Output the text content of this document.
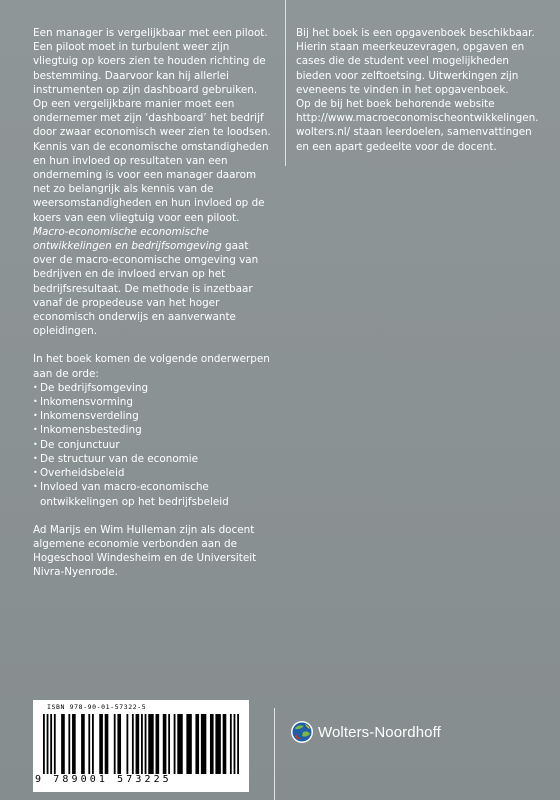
Een manager is vergelijkbaar met een piloot. Een piloot moet in turbulent weer zijn vliegtuig op koers zien te houden richting de bestemming. Daarvoor kan hij allerlei instrumenten op zijn dashboard gebruiken. Op een vergelijkbare manier moet een ondernemer met zijn ‘dashboard’ het bedrijf door zwaar economisch weer zien te loodsen. Kennis van de economische omstandigheden en hun invloed op resultaten van een onderneming is voor een manager daarom net zo belangrijk als kennis van de weersomstandigheden en hun invloed op de koers van een vliegtuig voor een piloot.

Macro-economische economische ontwikkelingen en bedrijfsomgeving gaat over de macro-economische omgeving van bedrijven en de invloed ervan op het bedrijfsresultaat. De methode is inzetbaar vanaf de propedeuse van het hoger economisch onderwijs en aanverwante opleidingen.

In het boek komen de volgende onderwerpen aan de orde:

• De bedrijfsomgeving
• Inkomensvorming
• Inkomensverdeling
• Inkomensbesteding
• De conjunctuur
• De structuur van de economie
• Overheidsbeleid
• Invloed van macro-economische ontwikkelingen op het bedrijfsbeleid

Ad Marijs en Wim Hulleman zijn als docent algemene economie verbonden aan de Hogeschool Windesheim en de Universiteit Nivra-Nyenrode.

Bij het boek is een opgavenboek beschikbaar. Hierin staan meerkeuzevragen, opgaven en cases die de student veel mogelijkheden bieden voor zelftoetsing. Uitwerkingen zijn eveneens te vinden in het opgavenboek.

Op de bij het boek behorende website http://www.macroeconomischeontwikkelingen. wolters.nl/ staan leerdoelen, samenvattingen en een apart gedeelte voor de docent.

ISBN 978-90-01-57322-5
9 789001 573225
Wolters-Noordhoff
